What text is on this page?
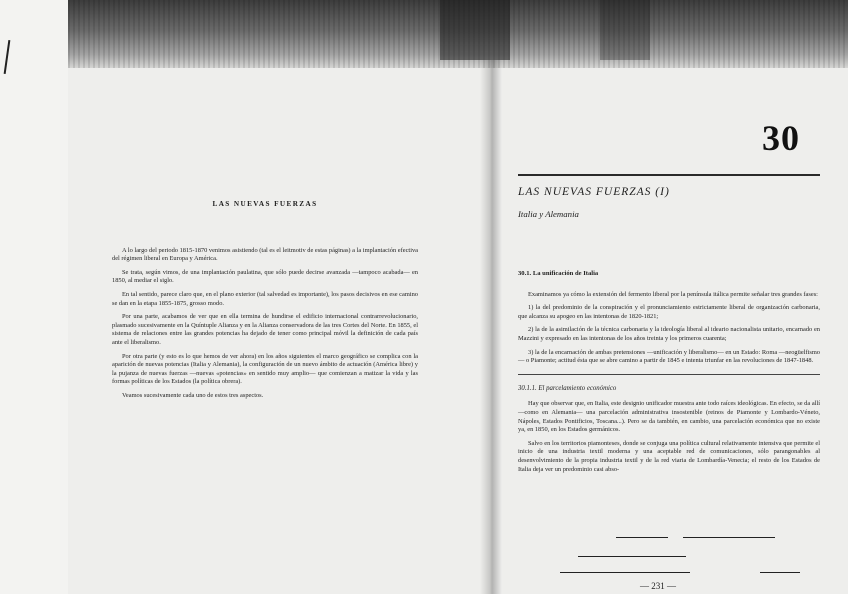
LAS NUEVAS FUERZAS

A lo largo del periodo 1815-1870 venimos asistiendo (tal es el leitmotiv de estas páginas) a la implantación efectiva del régimen liberal en Europa y América.

Se trata, según vimos, de una implantación paulatina, que sólo puede decirse avanzada —tampoco acabada— en 1850, al mediar el siglo.

En tal sentido, parece claro que, en el plano exterior (tal salvedad es importante), los pasos decisivos en ese camino se dan en la etapa 1855-1875, grosso modo.

Por una parte, acabamos de ver que en ella termina de hundirse el edificio internacional contrarrevolucionario, plasmado sucesivamente en la Quíntuple Alianza y en la Alianza conservadora de las tres Cortes del Norte. En 1855, el sistema de relaciones entre las grandes potencias ha dejado de tener como principal móvil la definición de cada país ante el liberalismo.

Por otra parte (y esto es lo que hemos de ver ahora) en los años siguientes el marco geográfico se complica con la aparición de nuevas potencias (Italia y Alemania), la configuración de un nuevo ámbito de actuación (América libre) y la pujanza de nuevas fuerzas —nuevas «potencias» en sentido muy amplio— que comienzan a matizar la vida y las formas políticas de los Estados (la política obrera).

Veamos sucesivamente cada uno de estos tres aspectos.

30
LAS NUEVAS FUERZAS (I)
Italia y Alemania
30.1. La unificación de Italia

Examinamos ya cómo la extensión del fermento liberal por la península itálica permite señalar tres grandes fases:

1) la del predominio de la conspiración y el pronunciamiento estrictamente liberal de organización carbonaria, que alcanza su apogeo en las intentonas de 1820-1821;

2) la de la asimilación de la técnica carbonaria y la ideología liberal al ideario nacionalista unitario, encarnado en Mazzini y expresado en las intentonas de los años treinta y los primeros cuarenta;

3) la de la encarnación de ambas pretensiones —unificación y liberalismo— en un Estado: Roma —neogüelfismo— o Piamonte; actitud ésta que se abre camino a partir de 1845 e intenta triunfar en las revoluciones de 1847-1848.

30.1.1. El parcelamiento económico

Hay que observar que, en Italia, este designio unificador muestra ante todo raíces ideológicas. En efecto, se da allí —como en Alemania— una parcelación administrativa insostenible (reinos de Piamonte y Lombardo-Véneto, Nápoles, Estados Pontificios, Toscana...). Pero se da también, en cambio, una parcelación económica que no existe ya, en 1850, en los Estados germánicos.

Salvo en los territorios piamonteses, donde se conjuga una política cultural relativamente intensiva que permite el inicio de una industria textil moderna y una aceptable red de comunicaciones, sólo parangonables al desenvolvimiento de la propia industria textil y de la red viaria de Lombardía-Venecia; el resto de los Estados de Italia deja ver un predominio casi abso-

— 231 —
